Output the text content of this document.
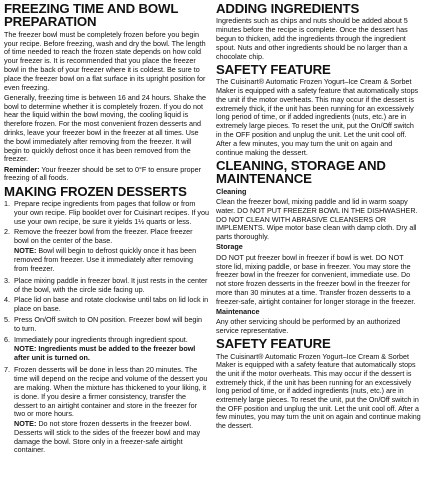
FREEZING TIME AND BOWL
PREPARATION

The freezer bowl must be completely frozen before you begin your recipe. Before freezing, wash and dry the bowl. The length of time needed to reach the frozen state depends on how cold your freezer is. It is recommended that you place the freezer bowl in the back of your freezer where it is coldest. Be sure to place the freezer bowl on a flat surface in its upright position for even freezing.

Generally, freezing time is between 16 and 24 hours. Shake the bowl to determine whether it is completely frozen. If you do not hear the liquid within the bowl moving, the cooling liquid is therefore frozen. For the most convenient frozen desserts and drinks, leave your freezer bowl in the freezer at all times. Use the bowl immediately after removing from the freezer. It will begin to quickly defrost once it has been removed from the freezer.

Reminder: Your freezer should be set to 0°F to ensure proper freezing of all foods.

MAKING FROZEN DESSERTS
1. Prepare recipe ingredients from pages that follow or from your own recipe. Flip booklet over for Cuisinart recipes. If you use your own recipe, be sure it yields 1½ quarts or less.
2. Remove the freezer bowl from the freezer. Place freezer bowl on the center of the base.

NOTE: Bowl will begin to defrost quickly once it has been removed from freezer. Use it immediately after removing from freezer.

3. Place mixing paddle in freezer bowl. It just rests in the center of the bowl, with the circle side facing up.
4. Place lid on base and rotate clockwise until tabs on lid lock in place on base.
5. Press On/Off switch to ON position. Freezer bowl will begin to turn.
6. Immediately pour ingredients through ingredient spout.

NOTE: Ingredients must be added to the freezer bowl after unit is turned on.

7. Frozen desserts will be done in less than 20 minutes. The time will depend on the recipe and volume of the dessert you are making. When the mixture has thickened to your liking, it is done. If you desire a firmer consistency, transfer the dessert to an airtight container and store in the freezer for two or more hours.

NOTE: Do not store frozen desserts in the freezer bowl. Desserts will stick to the sides of the freezer bowl and may damage the bowl. Store only in a freezer-safe airtight container.

ADDING INGREDIENTS

Ingredients such as chips and nuts should be added about 5 minutes before the recipe is complete. Once the dessert has begun to thicken, add the ingredients through the ingredient spout. Nuts and other ingredients should be no larger than a chocolate chip.

SAFETY FEATURE

The Cuisinart® Automatic Frozen Yogurt–Ice Cream & Sorbet Maker is equipped with a safety feature that automatically stops the unit if the motor overheats. This may occur if the dessert is extremely thick, if the unit has been running for an excessively long period of time, or if added ingredients (nuts, etc.) are in extremely large pieces. To reset the unit, put the On/Off switch in the OFF position and unplug the unit. Let the unit cool off. After a few minutes, you may turn the unit on again and continue making the dessert.

CLEANING, STORAGE AND
MAINTENANCE

Cleaning

Clean the freezer bowl, mixing paddle and lid in warm soapy water. DO NOT PUT FREEZER BOWL IN THE DISHWASHER. DO NOT CLEAN WITH ABRASIVE CLEANSERS OR IMPLEMENTS. Wipe motor base clean with damp cloth. Dry all parts thoroughly.

Storage

DO NOT put freezer bowl in freezer if bowl is wet. DO NOT store lid, mixing paddle, or base in freezer. You may store the freezer bowl in the freezer for convenient, immediate use. Do not store frozen desserts in the freezer bowl in the freezer for more than 30 minutes at a time. Transfer frozen desserts to a freezer-safe, airtight container for longer storage in the freezer.

Maintenance

Any other servicing should be performed by an authorized service representative.

SAFETY FEATURE

The Cuisinart® Automatic Frozen Yogurt–Ice Cream & Sorbet Maker is equipped with a safety feature that automatically stops the unit if the motor overheats. This may occur if the dessert is extremely thick, if the unit has been running for an excessively long period of time, or if added ingredients (nuts, etc.) are in extremely large pieces. To reset the unit, put the On/Off switch in the OFF position and unplug the unit. Let the unit cool off. After a few minutes, you may turn the unit on again and continue making the dessert.
